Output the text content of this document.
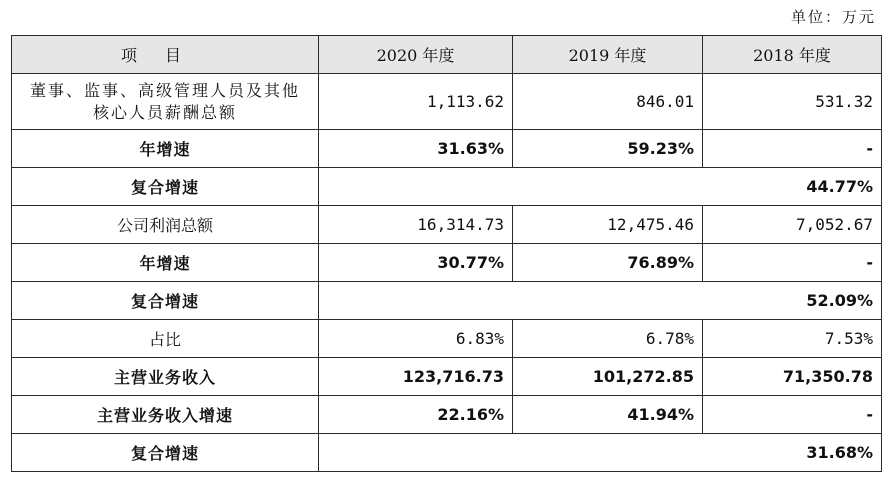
单位：万元
项目	2020 年度	2019 年度	2018 年度
董事、监事、高级管理人员及其他核心人员薪酬总额	1,113.62	846.01	531.32
年增速	31.63%	59.23%	-
复合增速	44.77%		
公司利润总额	16,314.73	12,475.46	7,052.67
年增速	30.77%	76.89%	-
复合增速	52.09%		
占比	6.83%	6.78%	7.53%
主营业务收入	123,716.73	101,272.85	71,350.78
主营业务收入增速	22.16%	41.94%	-
复合增速	31.68%		
